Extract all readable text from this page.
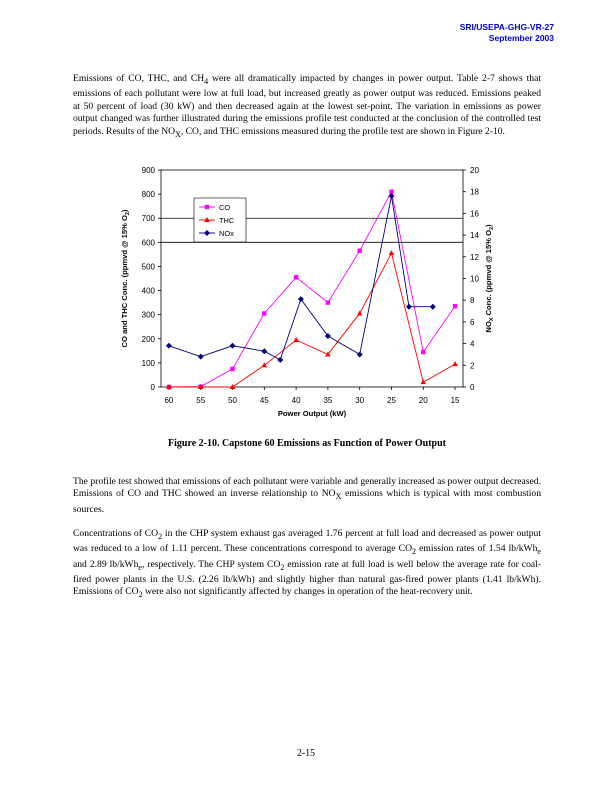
SRI/USEPA-GHG-VR-27
September 2003

Emissions of CO, THC, and $CH_4$ were all dramatically impacted by changes in power output. Table 2-7 shows that emissions of each pollutant were low at full load, but increased greatly as power output was reduced. Emissions peaked at 50 percent of load (30 kW) and then decreased again at the lowest set-point. The variation in emissions as power output changed was further illustrated during the emissions profile test conducted at the conclusion of the controlled test periods. Results of the $NO_X$, CO, and THC emissions measured during the profile test are shown in Figure 2-10.

0
100
200
300
400
500
600
700
800
900
0
2
4
6
8
10
12
14
16
18
20
60	55	50	45	40	35	30	25	20	15
Power Output (kW)
CO and THC Conc. (ppmvd @ 15% $O_2$)
$NO_X$ Conc. (ppmvd @ 15% $O_2$)
CO
THC
NOx
Figure 2-10. Capstone 60 Emissions as Function of Power Output

The profile test showed that emissions of each pollutant were variable and generally increased as power output decreased. Emissions of CO and THC showed an inverse relationship to $NO_X$ emissions which is typical with most combustion sources.

Concentrations of $CO_2$ in the CHP system exhaust gas averaged 1.76 percent at full load and decreased as power output was reduced to a low of 1.11 percent. These concentrations correspond to average $CO_2$ emission rates of 1.54 lb/kWh$_e$ and 2.89 lb/kWh$_e$, respectively. The CHP system $CO_2$ emission rate at full load is well below the average rate for coal-fired power plants in the U.S. (2.26 lb/kWh) and slightly higher than natural gas-fired power plants (1.41 lb/kWh). Emissions of $CO_2$ were also not significantly affected by changes in operation of the heat-recovery unit.

2-15
